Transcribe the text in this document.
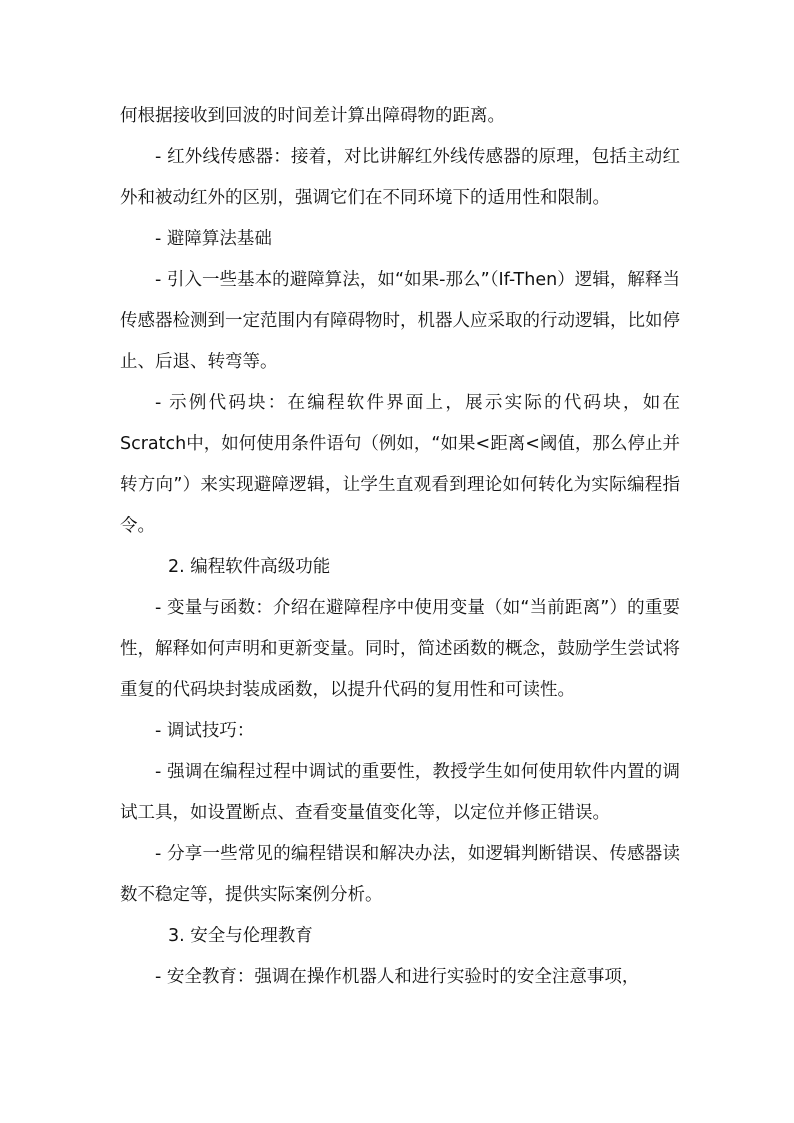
何根据接收到回波的时间差计算出障碍物的距离。

- 红外线传感器：接着，对比讲解红外线传感器的原理，包括主动红外和被动红外的区别，强调它们在不同环境下的适用性和限制。

- 避障算法基础

- 引入一些基本的避障算法，如“如果-那么”（If-Then）逻辑，解释当传感器检测到一定范围内有障碍物时，机器人应采取的行动逻辑，比如停止、后退、转弯等。

- 示例代码块：在编程软件界面上，展示实际的代码块，如在Scratch中，如何使用条件语句（例如，“如果<距离<阈值，那么停止并转方向”）来实现避障逻辑，让学生直观看到理论如何转化为实际编程指令。

2. 编程软件高级功能

- 变量与函数：介绍在避障程序中使用变量（如“当前距离”）的重要性，解释如何声明和更新变量。同时，简述函数的概念，鼓励学生尝试将重复的代码块封装成函数，以提升代码的复用性和可读性。

- 调试技巧：

- 强调在编程过程中调试的重要性，教授学生如何使用软件内置的调试工具，如设置断点、查看变量值变化等，以定位并修正错误。

- 分享一些常见的编程错误和解决办法，如逻辑判断错误、传感器读数不稳定等，提供实际案例分析。

3. 安全与伦理教育

- 安全教育：强调在操作机器人和进行实验时的安全注意事项，
